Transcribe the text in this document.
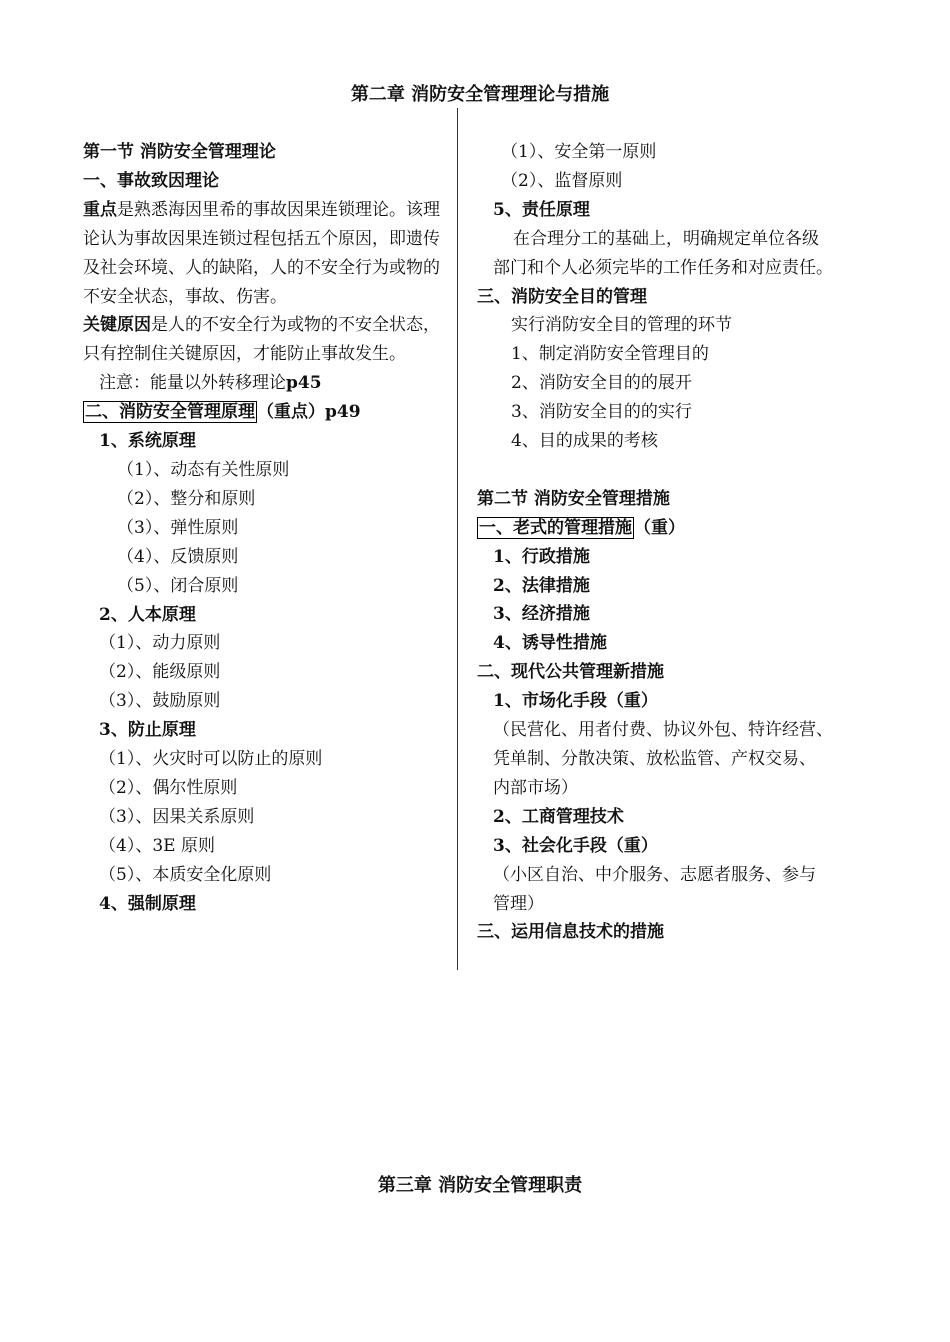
第二章 消防安全管理理论与措施
第一节 消防安全管理理论
一、事故致因理论
重点是熟悉海因里希的事故因果连锁理论。该理论认为事故因果连锁过程包括五个原因，即遗传及社会环境、人的缺陷，人的不安全行为或物的不安全状态，事故、伤害。
关键原因是人的不安全行为或物的不安全状态，只有控制住关键原因，才能防止事故发生。
注意：能量以外转移理论p45
二、消防安全管理原理 （重点）p49
1、系统原理
（1）、动态有关性原则
（2）、整分和原则
（3）、弹性原则
（4）、反馈原则
（5）、闭合原则
2、人本原理
（1）、动力原则
（2）、能级原则
（3）、鼓励原则
3、防止原理
（1）、火灾时可以防止的原则
（2）、偶尔性原则
（3）、因果关系原则
（4）、3E 原则
（5）、本质安全化原则
4、强制原理
（1）、安全第一原则
（2）、监督原则
5、责任原理
在合理分工的基础上，明确规定单位各级
部门和个人必须完毕的工作任务和对应责任。
三、消防安全目的管理
实行消防安全目的管理的环节
1、制定消防安全管理目的
2、消防安全目的的展开
3、消防安全目的的实行
4、目的成果的考核
第二节 消防安全管理措施
一、老式的管理措施 （重）
1、行政措施
2、法律措施
3、经济措施
4、诱导性措施
二、现代公共管理新措施
1、市场化手段（重）
（民营化、用者付费、协议外包、特许经营、
凭单制、分散决策、放松监管、产权交易、
内部市场）
2、工商管理技术
3、社会化手段（重）
（小区自治、中介服务、志愿者服务、参与
管理）
三、运用信息技术的措施
第三章 消防安全管理职责
